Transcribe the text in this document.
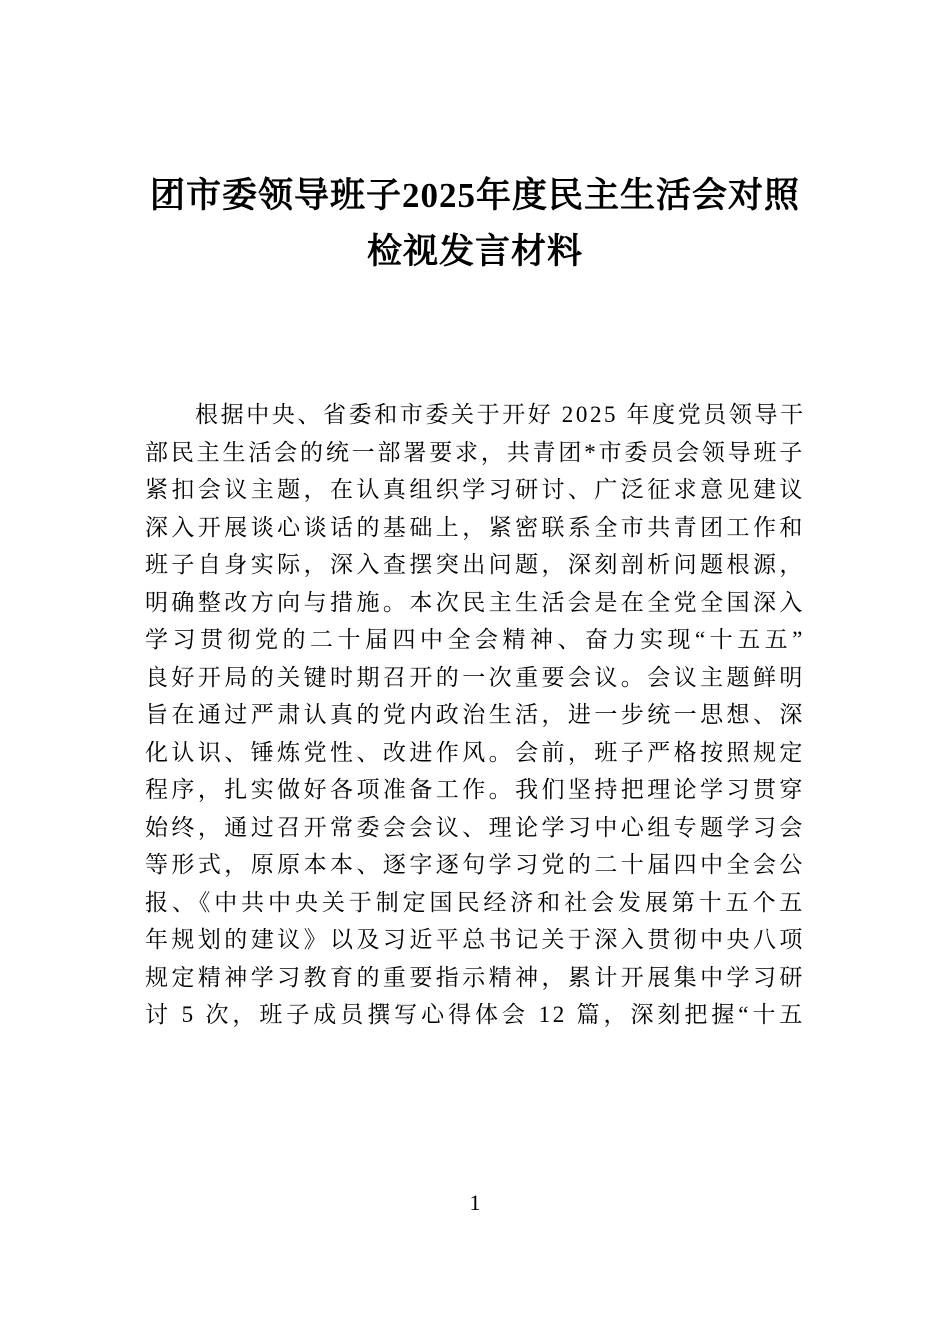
团市委领导班子2025年度民主生活会对照
检视发言材料
根据中央、省委和市委关于开好 2025 年度党员领导干
部民主生活会的统一部署要求，共青团*市委员会领导班子
紧扣会议主题，在认真组织学习研讨、广泛征求意见建议
深入开展谈心谈话的基础上，紧密联系全市共青团工作和
班子自身实际，深入查摆突出问题，深刻剖析问题根源，
明确整改方向与措施。本次民主生活会是在全党全国深入
学习贯彻党的二十届四中全会精神、奋力实现“十五五”
良好开局的关键时期召开的一次重要会议。会议主题鲜明
旨在通过严肃认真的党内政治生活，进一步统一思想、深
化认识、锤炼党性、改进作风。会前，班子严格按照规定
程序，扎实做好各项准备工作。我们坚持把理论学习贯穿
始终，通过召开常委会会议、理论学习中心组专题学习会
等形式，原原本本、逐字逐句学习党的二十届四中全会公
报、《中共中央关于制定国民经济和社会发展第十五个五
年规划的建议》以及习近平总书记关于深入贯彻中央八项
规定精神学习教育的重要指示精神，累计开展集中学习研
讨 5 次，班子成员撰写心得体会 12 篇，深刻把握“十五
1
